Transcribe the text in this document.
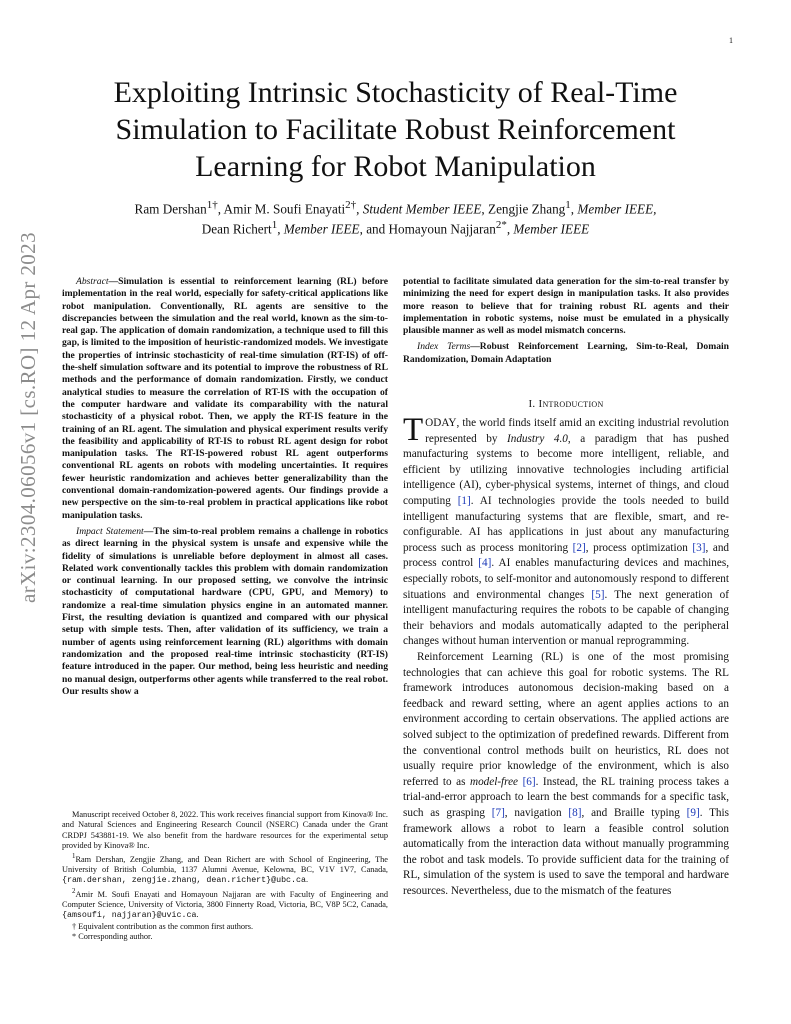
1
arXiv:2304.06056v1 [cs.RO] 12 Apr 2023
Exploiting Intrinsic Stochasticity of Real-Time Simulation to Facilitate Robust Reinforcement Learning for Robot Manipulation
Ram Dershan$^{1\dagger}$, Amir M. Soufi Enayati$^{2\dagger}$, Student Member IEEE, Zengjie Zhang$^1$, Member IEEE,
Dean Richert$^1$, Member IEEE, and Homayoun Najjaran$^{2*}$, Member IEEE

Abstract—Simulation is essential to reinforcement learning (RL) before implementation in the real world, especially for safety-critical applications like robot manipulation. Conventionally, RL agents are sensitive to the discrepancies between the simulation and the real world, known as the sim-to-real gap. The application of domain randomization, a technique used to fill this gap, is limited to the imposition of heuristic-randomized models. We investigate the properties of intrinsic stochasticity of real-time simulation (RT-IS) of off-the-shelf simulation software and its potential to improve the robustness of RL methods and the performance of domain randomization. Firstly, we conduct analytical studies to measure the correlation of RT-IS with the occupation of the computer hardware and validate its comparability with the natural stochasticity of a physical robot. Then, we apply the RT-IS feature in the training of an RL agent. The simulation and physical experiment results verify the feasibility and applicability of RT-IS to robust RL agent design for robot manipulation tasks. The RT-IS-powered robust RL agent outperforms conventional RL agents on robots with modeling uncertainties. It requires fewer heuristic randomization and achieves better generalizability than the conventional domain-randomization-powered agents. Our findings provide a new perspective on the sim-to-real problem in practical applications like robot manipulation tasks.

Impact Statement—The sim-to-real problem remains a challenge in robotics as direct learning in the physical system is unsafe and expensive while the fidelity of simulations is unreliable before deployment in almost all cases. Related work conventionally tackles this problem with domain randomization or continual learning. In our proposed setting, we convolve the intrinsic stochasticity of computational hardware (CPU, GPU, and Memory) to randomize a real-time simulation physics engine in an automated manner. First, the resulting deviation is quantized and compared with our physical setup with simple tests. Then, after validation of its sufficiency, we train a number of agents using reinforcement learning (RL) algorithms with domain randomization and the proposed real-time intrinsic stochasticity (RT-IS) feature introduced in the paper. Our method, being less heuristic and needing no manual design, outperforms other agents while transferred to the real robot. Our results show a

potential to facilitate simulated data generation for the sim-to-real transfer by minimizing the need for expert design in manipulation tasks. It also provides more reason to believe that for training robust RL agents and their implementation in robotic systems, noise must be emulated in a physically plausible manner as well as model mismatch concerns.

Index Terms—Robust Reinforcement Learning, Sim-to-Real, Domain Randomization, Domain Adaptation

I. Introduction

TODAY, the world finds itself amid an exciting industrial revolution represented by Industry 4.0, a paradigm that has pushed manufacturing systems to become more intelligent, reliable, and efficient by utilizing innovative technologies including artificial intelligence (AI), cyber-physical systems, internet of things, and cloud computing [1]. AI technologies provide the tools needed to build intelligent manufacturing systems that are flexible, smart, and re-configurable. AI has applications in just about any manufacturing process such as process monitoring [2], process optimization [3], and process control [4]. AI enables manufacturing devices and machines, especially robots, to self-monitor and autonomously respond to different situations and environmental changes [5]. The next generation of intelligent manufacturing requires the robots to be capable of changing their behaviors and modals automatically adapted to the peripheral changes without human intervention or manual reprogramming.

Reinforcement Learning (RL) is one of the most promising technologies that can achieve this goal for robotic systems. The RL framework introduces autonomous decision-making based on a feedback and reward setting, where an agent applies actions to an environment according to certain observations. The applied actions are solved subject to the optimization of predefined rewards. Different from the conventional control methods built on heuristics, RL does not usually require prior knowledge of the environment, which is also referred to as model-free [6]. Instead, the RL training process takes a trial-and-error approach to learn the best commands for a specific task, such as grasping [7], navigation [8], and Braille typing [9]. This framework allows a robot to learn a feasible control solution automatically from the interaction data without manually programming the robot and task models. To provide sufficient data for the training of RL, simulation of the system is used to save the temporal and hardware resources. Nevertheless, due to the mismatch of the features

Manuscript received October 8, 2022. This work receives financial support from Kinova® Inc. and Natural Sciences and Engineering Research Council (NSERC) Canada under the Grant CRDPJ 543881-19. We also benefit from the hardware resources for the experimental setup provided by Kinova® Inc.

$^1$Ram Dershan, Zengjie Zhang, and Dean Richert are with School of Engineering, The University of British Columbia, 1137 Alumni Avenue, Kelowna, BC, V1V 1V7, Canada, {ram.dershan, zengjie.zhang, dean.richert}@ubc.ca.

$^2$Amir M. Soufi Enayati and Homayoun Najjaran are with Faculty of Engineering and Computer Science, University of Victoria, 3800 Finnerty Road, Victoria, BC, V8P 5C2, Canada, {amsoufi, najjaran}@uvic.ca.

† Equivalent contribution as the common first authors.

* Corresponding author.
